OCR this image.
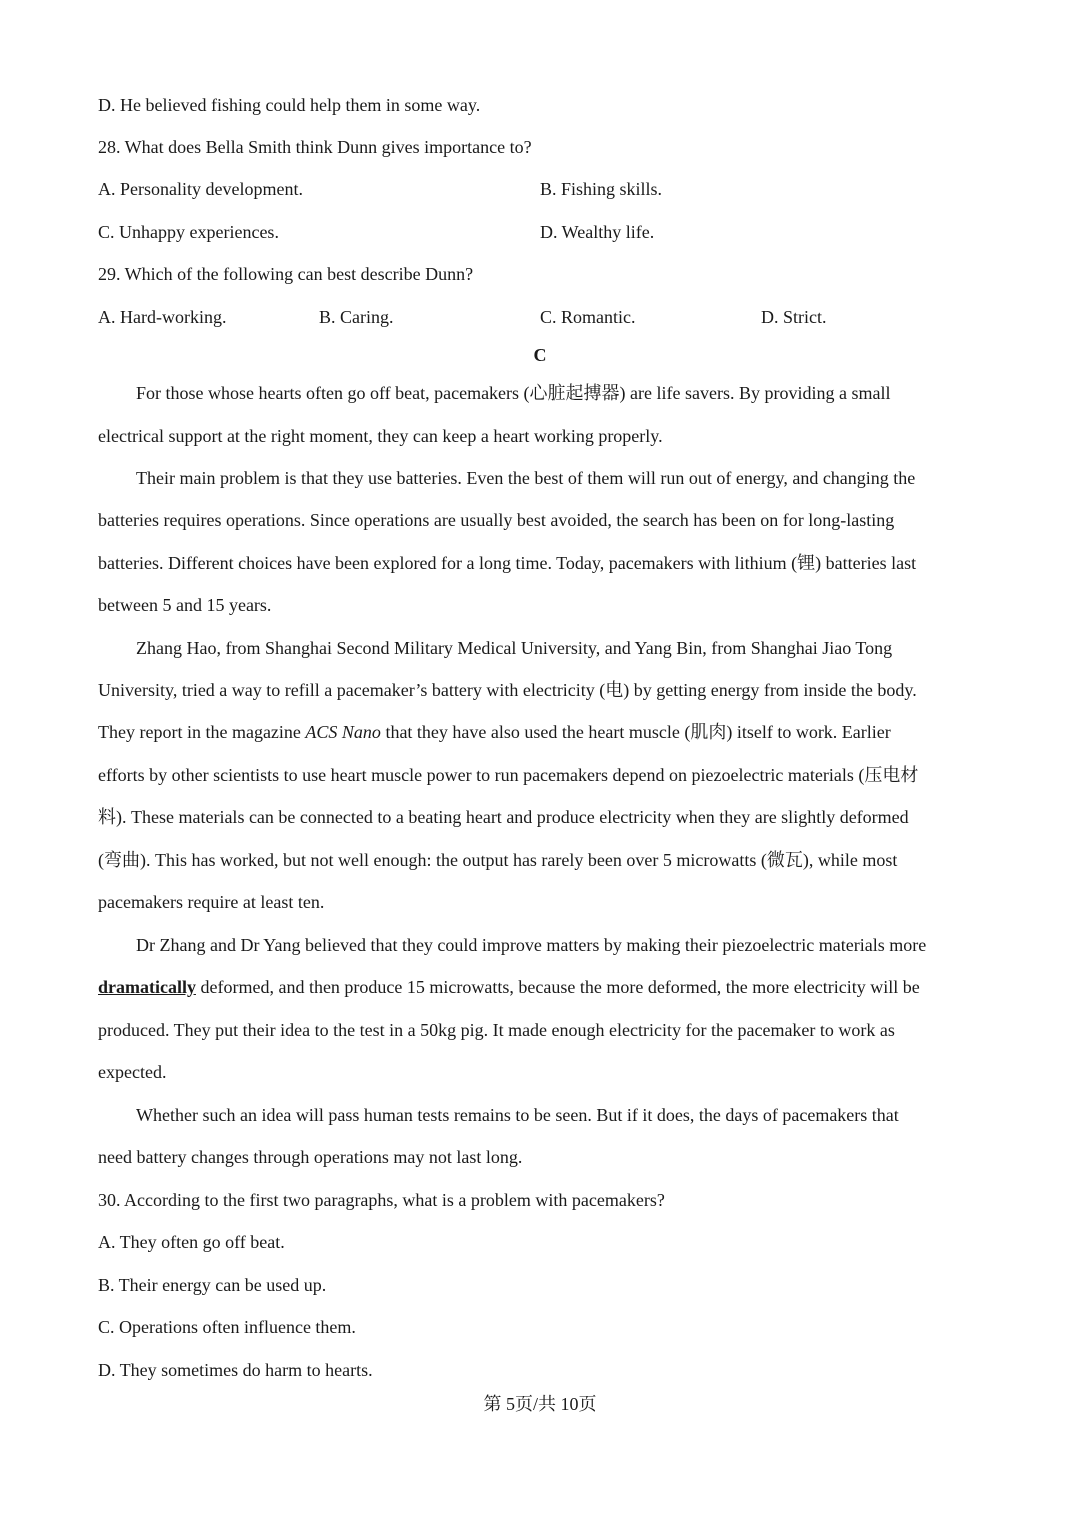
D. He believed fishing could help them in some way.
28. What does Bella Smith think Dunn gives importance to?
A. Personality development.	B. Fishing skills.
C. Unhappy experiences.	D. Wealthy life.
29. Which of the following can best describe Dunn?
A. Hard-working.	B. Caring.	C. Romantic.	D. Strict.
C
For those whose hearts often go off beat, pacemakers (心脏起搏器) are life savers. By providing a small
electrical support at the right moment, they can keep a heart working properly.
Their main problem is that they use batteries. Even the best of them will run out of energy, and changing the
batteries requires operations. Since operations are usually best avoided, the search has been on for long-lasting
batteries. Different choices have been explored for a long time. Today, pacemakers with lithium (锂) batteries last
between 5 and 15 years.
Zhang Hao, from Shanghai Second Military Medical University, and Yang Bin, from Shanghai Jiao Tong
University, tried a way to refill a pacemaker’s battery with electricity (电) by getting energy from inside the body.
They report in the magazine ACS Nano that they have also used the heart muscle (肌肉) itself to work. Earlier
efforts by other scientists to use heart muscle power to run pacemakers depend on piezoelectric materials (压电材
料). These materials can be connected to a beating heart and produce electricity when they are slightly deformed
(弯曲). This has worked, but not well enough: the output has rarely been over 5 microwatts (微瓦), while most
pacemakers require at least ten.
Dr Zhang and Dr Yang believed that they could improve matters by making their piezoelectric materials more
dramatically deformed, and then produce 15 microwatts, because the more deformed, the more electricity will be
produced. They put their idea to the test in a 50kg pig. It made enough electricity for the pacemaker to work as
expected.
Whether such an idea will pass human tests remains to be seen. But if it does, the days of pacemakers that
need battery changes through operations may not last long.
30. According to the first two paragraphs, what is a problem with pacemakers?
A. They often go off beat.
B. Their energy can be used up.
C. Operations often influence them.
D. They sometimes do harm to hearts.
第 5页/共 10页
